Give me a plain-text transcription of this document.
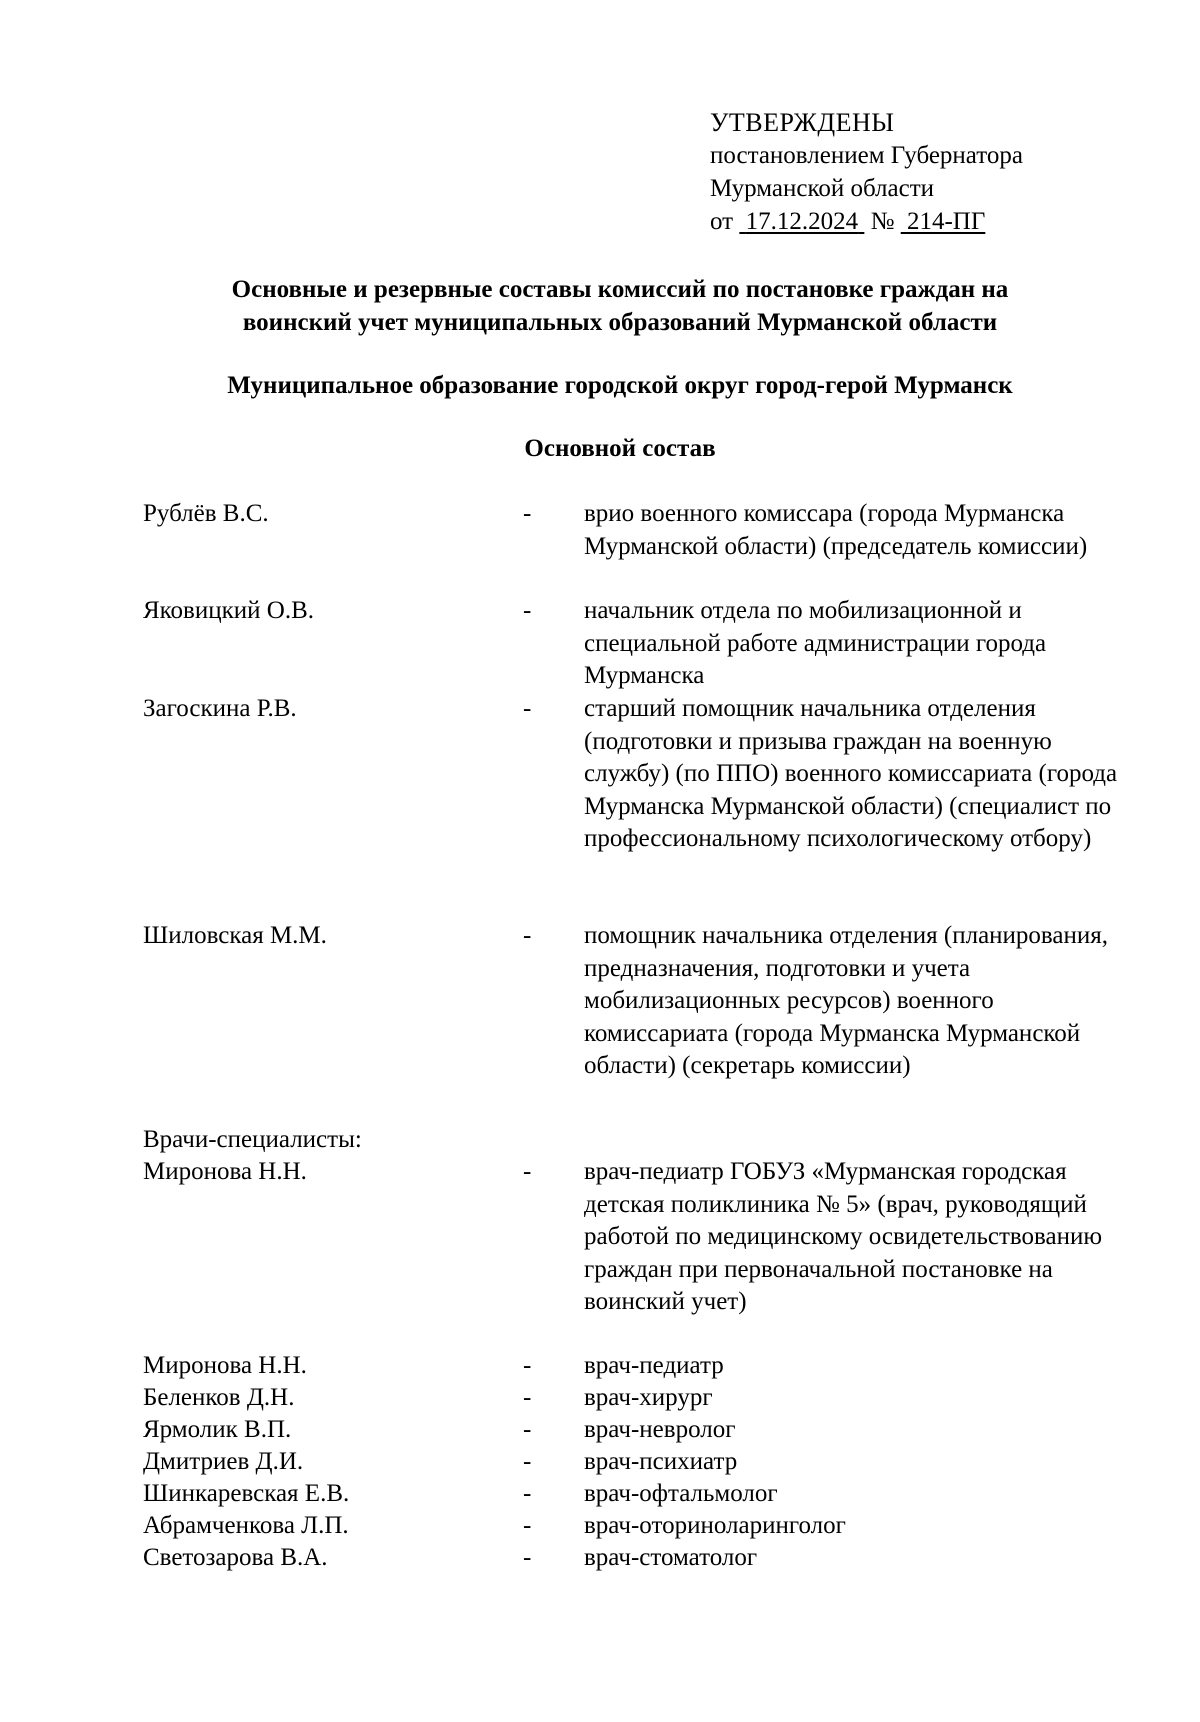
УТВЕРЖДЕНЫ
постановлением Губернатора
Мурманской области
от 17.12.2024 № 214-ПГ
Основные и резервные составы комиссий по постановке граждан на
воинский учет муниципальных образований Мурманской области
Муниципальное образование городской округ город-герой Мурманск
Основной состав
Рублёв В.С.	- врио военного комиссара (города Мурманска Мурманской области) (председатель комиссии)
Яковицкий О.В.	- начальник отдела по мобилизационной и специальной работе администрации города Мурманска
Загоскина Р.В.	- старший помощник начальника отделения (подготовки и призыва граждан на военную службу) (по ППО) военного комиссариата (города Мурманска Мурманской области) (специалист по профессиональному психологическому отбору)
Шиловская М.М.	- помощник начальника отделения (планирования, предназначения, подготовки и учета мобилизационных ресурсов) военного комиссариата (города Мурманска Мурманской области) (секретарь комиссии)
Врачи-специалисты:
Миронова Н.Н.	- врач-педиатр ГОБУЗ «Мурманская городская детская поликлиника № 5» (врач, руководящий работой по медицинскому освидетельствованию граждан при первоначальной постановке на воинский учет)
Миронова Н.Н.	- врач-педиатр
Беленков Д.Н.	- врач-хирург
Ярмолик В.П.	- врач-невролог
Дмитриев Д.И.	- врач-психиатр
Шинкаревская Е.В.	- врач-офтальмолог
Абрамченкова Л.П.	- врач-оториноларинголог
Светозарова В.А.	- врач-стоматолог
